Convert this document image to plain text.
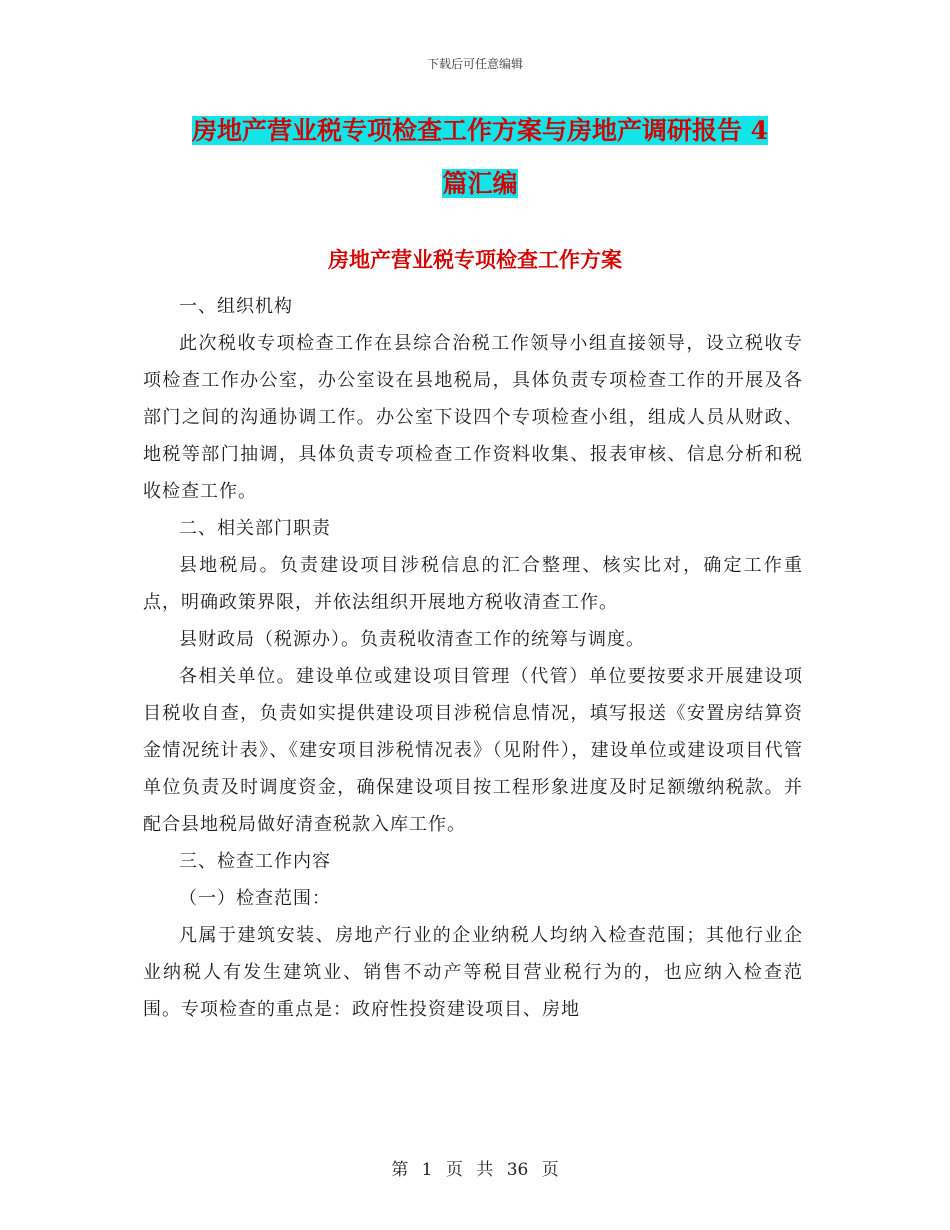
下载后可任意编辑
房地产营业税专项检查工作方案与房地产调研报告 4
篇汇编
房地产营业税专项检查工作方案

一、组织机构

此次税收专项检查工作在县综合治税工作领导小组直接领导，设立税收专项检查工作办公室，办公室设在县地税局，具体负责专项检查工作的开展及各部门之间的沟通协调工作。办公室下设四个专项检查小组，组成人员从财政、地税等部门抽调，具体负责专项检查工作资料收集、报表审核、信息分析和税收检查工作。

二、相关部门职责

县地税局。负责建设项目涉税信息的汇合整理、核实比对，确定工作重点，明确政策界限，并依法组织开展地方税收清查工作。

县财政局（税源办）。负责税收清查工作的统筹与调度。

各相关单位。建设单位或建设项目管理（代管）单位要按要求开展建设项目税收自查，负责如实提供建设项目涉税信息情况，填写报送《安置房结算资金情况统计表》、《建安项目涉税情况表》（见附件），建设单位或建设项目代管单位负责及时调度资金，确保建设项目按工程形象进度及时足额缴纳税款。并配合县地税局做好清查税款入库工作。

三、检查工作内容

（一）检查范围：

凡属于建筑安装、房地产行业的企业纳税人均纳入检查范围；其他行业企业纳税人有发生建筑业、销售不动产等税目营业税行为的，也应纳入检查范围。专项检查的重点是：政府性投资建设项目、房地

第 1 页 共 36 页
